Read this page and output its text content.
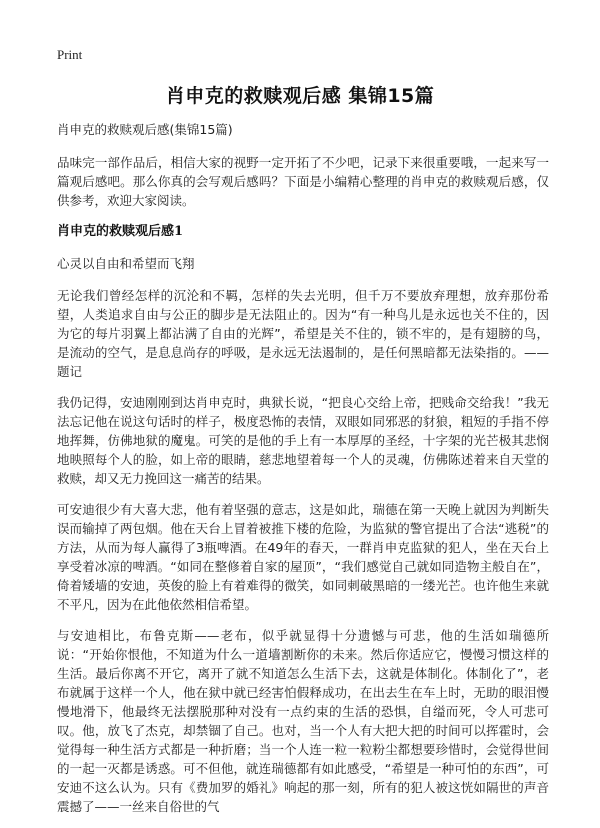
Print
肖申克的救赎观后感 集锦15篇
肖申克的救赎观后感(集锦15篇)

品味完一部作品后，相信大家的视野一定开拓了不少吧，记录下来很重要哦，一起来写一篇观后感吧。那么你真的会写观后感吗？下面是小编精心整理的肖申克的救赎观后感，仅供参考，欢迎大家阅读。

肖申克的救赎观后感1
心灵以自由和希望而飞翔

无论我们曾经怎样的沉沦和不羁，怎样的失去光明，但千万不要放弃理想，放弃那份希望，人类追求自由与公正的脚步是无法阻止的。因为“有一种鸟儿是永远也关不住的，因为它的每片羽翼上都沾满了自由的光辉”，希望是关不住的，锁不牢的，是有翅膀的鸟，是流动的空气，是息息尚存的呼吸，是永远无法遏制的，是任何黑暗都无法染指的。——题记

我仍记得，安迪刚刚到达肖申克时，典狱长说，“把良心交给上帝，把贱命交给我！”我无法忘记他在说这句话时的样子，极度恐怖的表情，双眼如同邪恶的豺狼，粗短的手指不停地挥舞，仿佛地狱的魔鬼。可笑的是他的手上有一本厚厚的圣经，十字架的光芒极其悲悯地映照每个人的脸，如上帝的眼睛，慈悲地望着每一个人的灵魂，仿佛陈述着来自天堂的救赎，却又无力挽回这一痛苦的结果。

可安迪很少有大喜大悲，他有着坚强的意志，这是如此，瑞德在第一天晚上就因为判断失误而输掉了两包烟。他在天台上冒着被推下楼的危险，为监狱的警官提出了合法“逃税”的方法，从而为每人赢得了3瓶啤酒。在49年的春天，一群肖申克监狱的犯人，坐在天台上享受着冰凉的啤酒。“如同在整修着自家的屋顶”，“我们感觉自己就如同造物主般自在”，倚着矮墙的安迪，英俊的脸上有着难得的微笑，如同刺破黑暗的一缕光芒。也许他生来就不平凡，因为在此他依然相信希望。

与安迪相比，布鲁克斯——老布，似乎就显得十分遗憾与可悲，他的生活如瑞德所说：“开始你恨他，不知道为什么一道墙割断你的未来。然后你适应它，慢慢习惯这样的生活。最后你离不开它，离开了就不知道怎么生活下去，这就是体制化。体制化了”，老布就属于这样一个人，他在狱中就已经害怕假释成功，在出去生在车上时，无助的眼泪慢慢地滑下，他最终无法摆脱那种对没有一点约束的生活的恐惧，自缢而死，令人可悲可叹。他，放飞了杰克，却禁锢了自己。也对，当一个人有大把大把的时间可以挥霍时，会觉得每一种生活方式都是一种折磨；当一个人连一粒一粒粉尘都想要珍惜时，会觉得世间的一起一灭都是诱惑。可不但他，就连瑞德都有如此感受，“希望是一种可怕的东西”，可安迪不这么认为。只有《费加罗的婚礼》响起的那一刻，所有的犯人被这恍如隔世的声音震撼了——一丝来自俗世的气
